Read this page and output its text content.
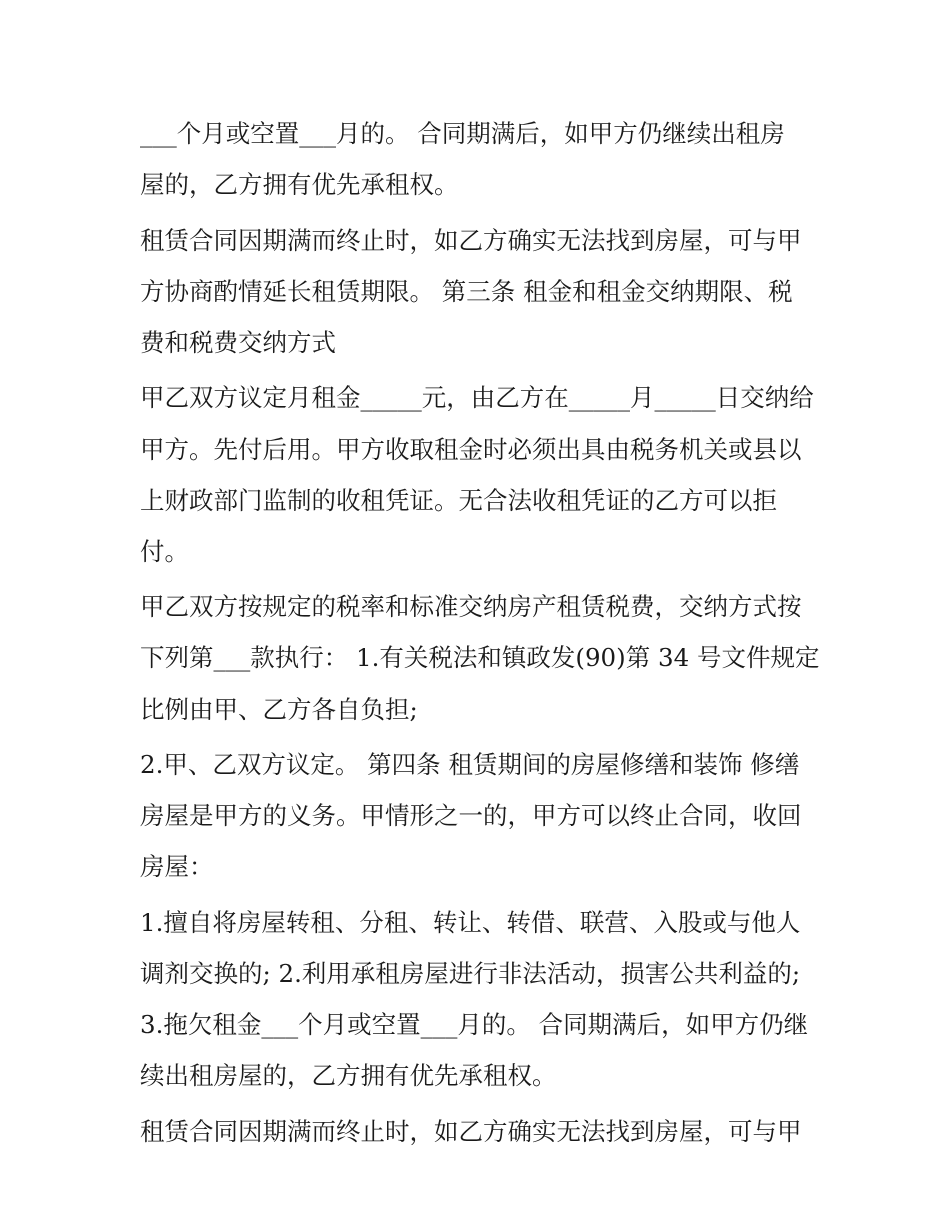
___个月或空置___月的。 合同期满后，如甲方仍继续出租房
屋的，乙方拥有优先承租权。

租赁合同因期满而终止时，如乙方确实无法找到房屋，可与甲
方协商酌情延长租赁期限。 第三条 租金和租金交纳期限、税
费和税费交纳方式

甲乙双方议定月租金_____元，由乙方在_____月_____日交纳给
甲方。先付后用。甲方收取租金时必须出具由税务机关或县以
上财政部门监制的收租凭证。无合法收租凭证的乙方可以拒
付。

甲乙双方按规定的税率和标准交纳房产租赁税费，交纳方式按
下列第___款执行： 1.有关税法和镇政发(90)第 34 号文件规定
比例由甲、乙方各自负担;

2.甲、乙双方议定。 第四条 租赁期间的房屋修缮和装饰 修缮
房屋是甲方的义务。甲情形之一的，甲方可以终止合同，收回
房屋：

1.擅自将房屋转租、分租、转让、转借、联营、入股或与他人
调剂交换的; 2.利用承租房屋进行非法活动，损害公共利益的;
3.拖欠租金___个月或空置___月的。 合同期满后，如甲方仍继
续出租房屋的，乙方拥有优先承租权。

租赁合同因期满而终止时，如乙方确实无法找到房屋，可与甲
